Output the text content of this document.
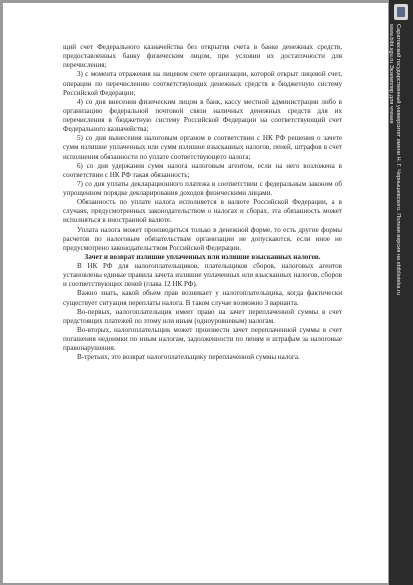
щий счет Федерального казначейства без открытия счета в банке денежных средств, предоставленных банку физическим лицом, при условии их достаточности для перечисления;

3) с момента отражения на лицевом счете организации, которой открыт лицевой счет, операции по перечислению соответствующих денежных средств в бюджетную систему Российской Федерации;

4) со дня внесения физическим лицом в банк, кассу местной администрации либо в организацию федеральной почтовой связи наличных денежных средств для их перечисления в бюджетную систему Российской Федерации на соответствующий счет Федерального казначейства;

5) со дня вынесения налоговым органом в соответствии с НК РФ решения о зачете сумм излишне уплаченных или сумм излишне взысканных налогов, пеней, штрафов в счет исполнения обязанности по уплате соответствующего налога;

6) со дня удержания сумм налога налоговым агентом, если на него возложена в соответствии с НК РФ такая обязанность;

7) со дня уплаты декларационного платежа в соответствии с федеральным законом об упрощенном порядке декларирования доходов физическими лицами.

Обязанность по уплате налога исполняется в валюте Российской Федерации, а в случаях, предусмотренных законодательством о налогах и сборах, эта обязанность может исполняться в иностранной валюте.

Уплата налога может производиться только в денежной форме, то есть другие формы расчетов по налоговым обязательствам организации не допускаются, если иное не предусмотрено законодательством Российской Федерации.

Зачет и возврат излишне уплаченных или излишне взысканных налогов.

В НК РФ для налогоплательщиков, плательщиков сборов, налоговых агентов установлены единые правила зачета излишне уплаченных или взысканных налогов, сборов и соответствующих пеней (глава 12 НК РФ).

Важно знать, какой объем прав возникает у налогоплательщика, когда фактически существует ситуация переплаты налога. В таком случае возможно 3 варианта.

Во-первых, налогоплательщик имеет право на зачет переплаченной суммы в счет предстоящих платежей по этому или иным (одноуровневым) налогам.

Во-вторых, налогоплательщик может произвести зачет переплаченной суммы в счет погашения недоимки по иным налогам, задолженности по пеням и штрафам за налоговые правонарушения.

В-третьих, это возврат налогоплательщику переплаченной суммы налога.

Саратовский государственный университет имени Н. Г. Чернышевского. Полная версия на ebiblioteka.ru
www.bibl.sgu.ru Экземпляр для чтения
